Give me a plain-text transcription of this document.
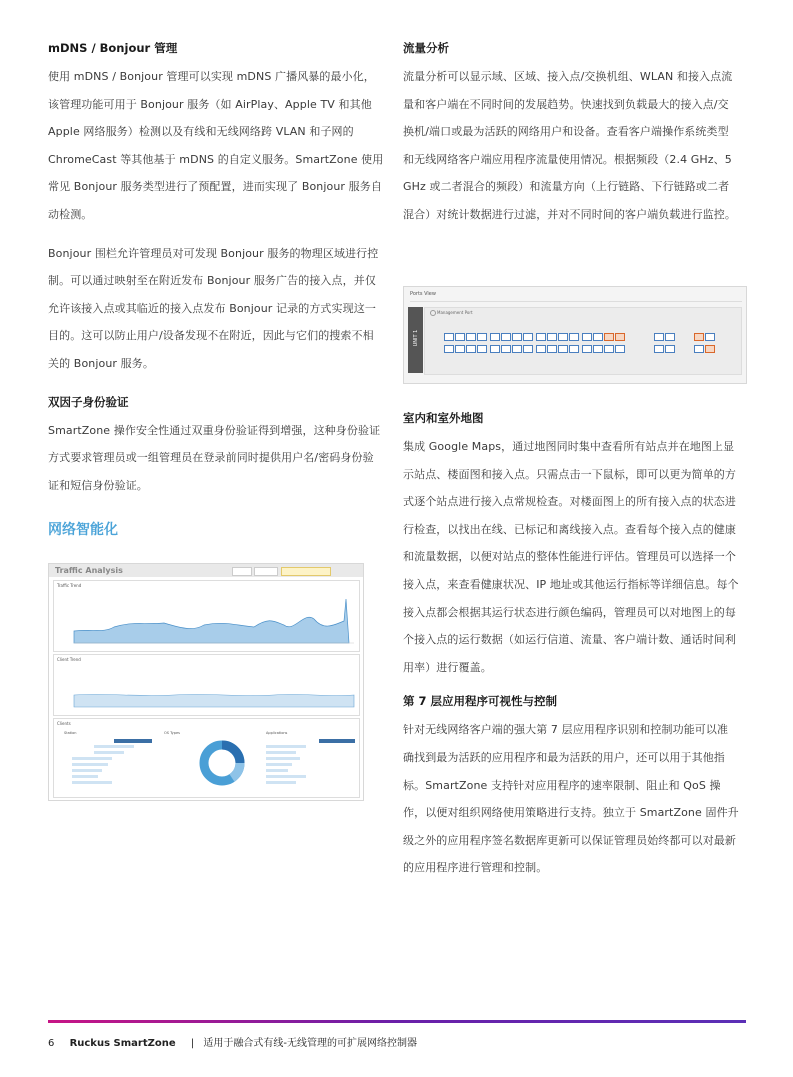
mDNS / Bonjour 管理

使用 mDNS / Bonjour 管理可以实现 mDNS 广播风暴的最小化，该管理功能可用于 Bonjour 服务（如 AirPlay、Apple TV 和其他 Apple 网络服务）检测以及有线和无线网络跨 VLAN 和子网的 ChromeCast 等其他基于 mDNS 的自定义服务。SmartZone 使用常见 Bonjour 服务类型进行了预配置，进而实现了 Bonjour 服务自动检测。

Bonjour 围栏允许管理员对可发现 Bonjour 服务的物理区域进行控制。可以通过映射至在附近发布 Bonjour 服务广告的接入点，并仅允许该接入点或其临近的接入点发布 Bonjour 记录的方式实现这一目的。这可以防止用户/设备发现不在附近，因此与它们的搜索不相关的 Bonjour 服务。

双因子身份验证

SmartZone 操作安全性通过双重身份验证得到增强，这种身份验证方式要求管理员或一组管理员在登录前同时提供用户名/密码身份验证和短信身份验证。

网络智能化
Traffic Analysis
Traffic Trend
Client Trend
Clients
Station	OS Types	Applications
流量分析

流量分析可以显示域、区域、接入点/交换机组、WLAN 和接入点流量和客户端在不同时间的发展趋势。快速找到负载最大的接入点/交换机/端口或最为活跃的网络用户和设备。查看客户端操作系统类型和无线网络客户端应用程序流量使用情况。根据频段（2.4 GHz、5 GHz 或二者混合的频段）和流量方向（上行链路、下行链路或二者混合）对统计数据进行过滤，并对不同时间的客户端负载进行监控。

Ports View
UNIT 1
Management Port
室内和室外地图

集成 Google Maps，通过地图同时集中查看所有站点并在地图上显示站点、楼面图和接入点。只需点击一下鼠标，即可以更为简单的方式逐个站点进行接入点常规检查。对楼面图上的所有接入点的状态进行检查，以找出在线、已标记和离线接入点。查看每个接入点的健康和流量数据，以便对站点的整体性能进行评估。管理员可以选择一个接入点，来查看健康状况、IP 地址或其他运行指标等详细信息。每个接入点都会根据其运行状态进行颜色编码，管理员可以对地图上的每个接入点的运行数据（如运行信道、流量、客户端计数、通话时间利用率）进行覆盖。

第 7 层应用程序可视性与控制

针对无线网络客户端的强大第 7 层应用程序识别和控制功能可以准确找到最为活跃的应用程序和最为活跃的用户，还可以用于其他指标。SmartZone 支持针对应用程序的速率限制、阻止和 QoS 操作，以便对组织网络使用策略进行支持。独立于 SmartZone 固件升级之外的应用程序签名数据库更新可以保证管理员始终都可以对最新的应用程序进行管理和控制。

6 Ruckus SmartZone | 适用于融合式有线-无线管理的可扩展网络控制器
